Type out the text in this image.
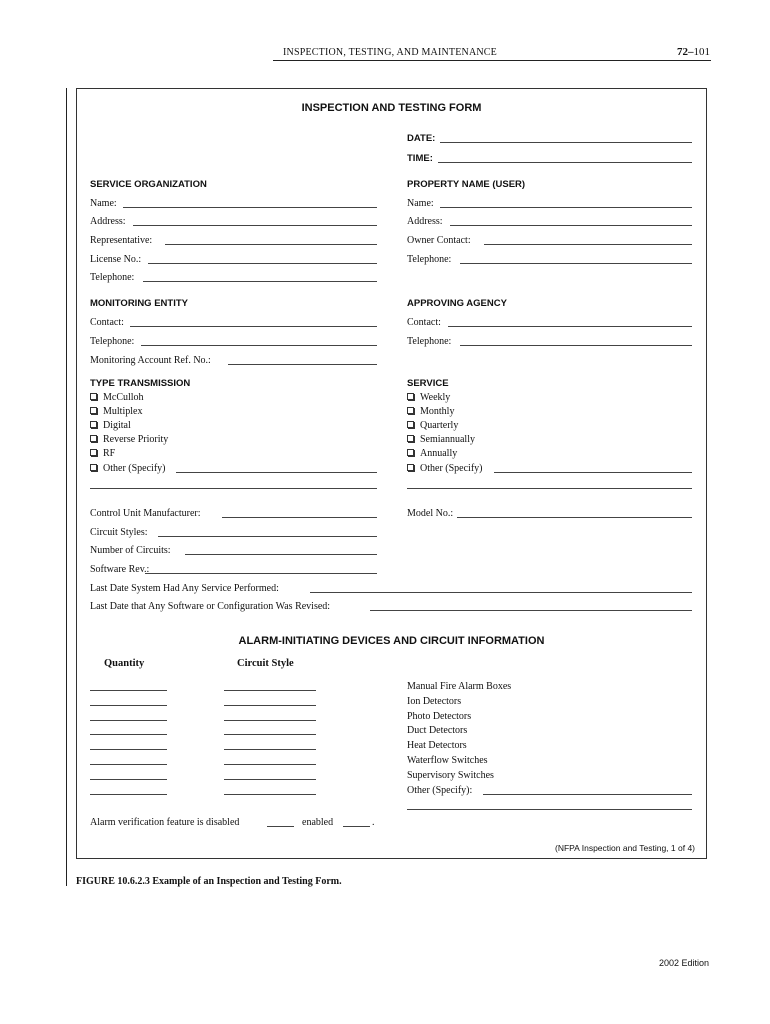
INSPECTION, TESTING, AND MAINTENANCE	72–101
INSPECTION AND TESTING FORM
DATE:
TIME:
SERVICE ORGANIZATION
Name:
Address:
Representative:
License No.:
Telephone:
PROPERTY NAME (USER)
Name:
Address:
Owner Contact:
Telephone:
MONITORING ENTITY
Contact:
Telephone:
Monitoring Account Ref. No.:
APPROVING AGENCY
Contact:
Telephone:
TYPE TRANSMISSION
McCulloh
Multiplex
Digital
Reverse Priority
RF
Other (Specify)
SERVICE
Weekly
Monthly
Quarterly
Semiannually
Annually
Other (Specify)
Control Unit Manufacturer:	Model No.:
Circuit Styles:
Number of Circuits:
Software Rev.:
Last Date System Had Any Service Performed:
Last Date that Any Software or Configuration Was Revised:
ALARM-INITIATING DEVICES AND CIRCUIT INFORMATION
Quantity	Circuit Style
Manual Fire Alarm Boxes
Ion Detectors
Photo Detectors
Duct Detectors
Heat Detectors
Waterflow Switches
Supervisory Switches
Other (Specify):
Alarm verification feature is disabled	enabled	.
(NFPA Inspection and Testing, 1 of 4)
FIGURE 10.6.2.3 Example of an Inspection and Testing Form.
2002 Edition
